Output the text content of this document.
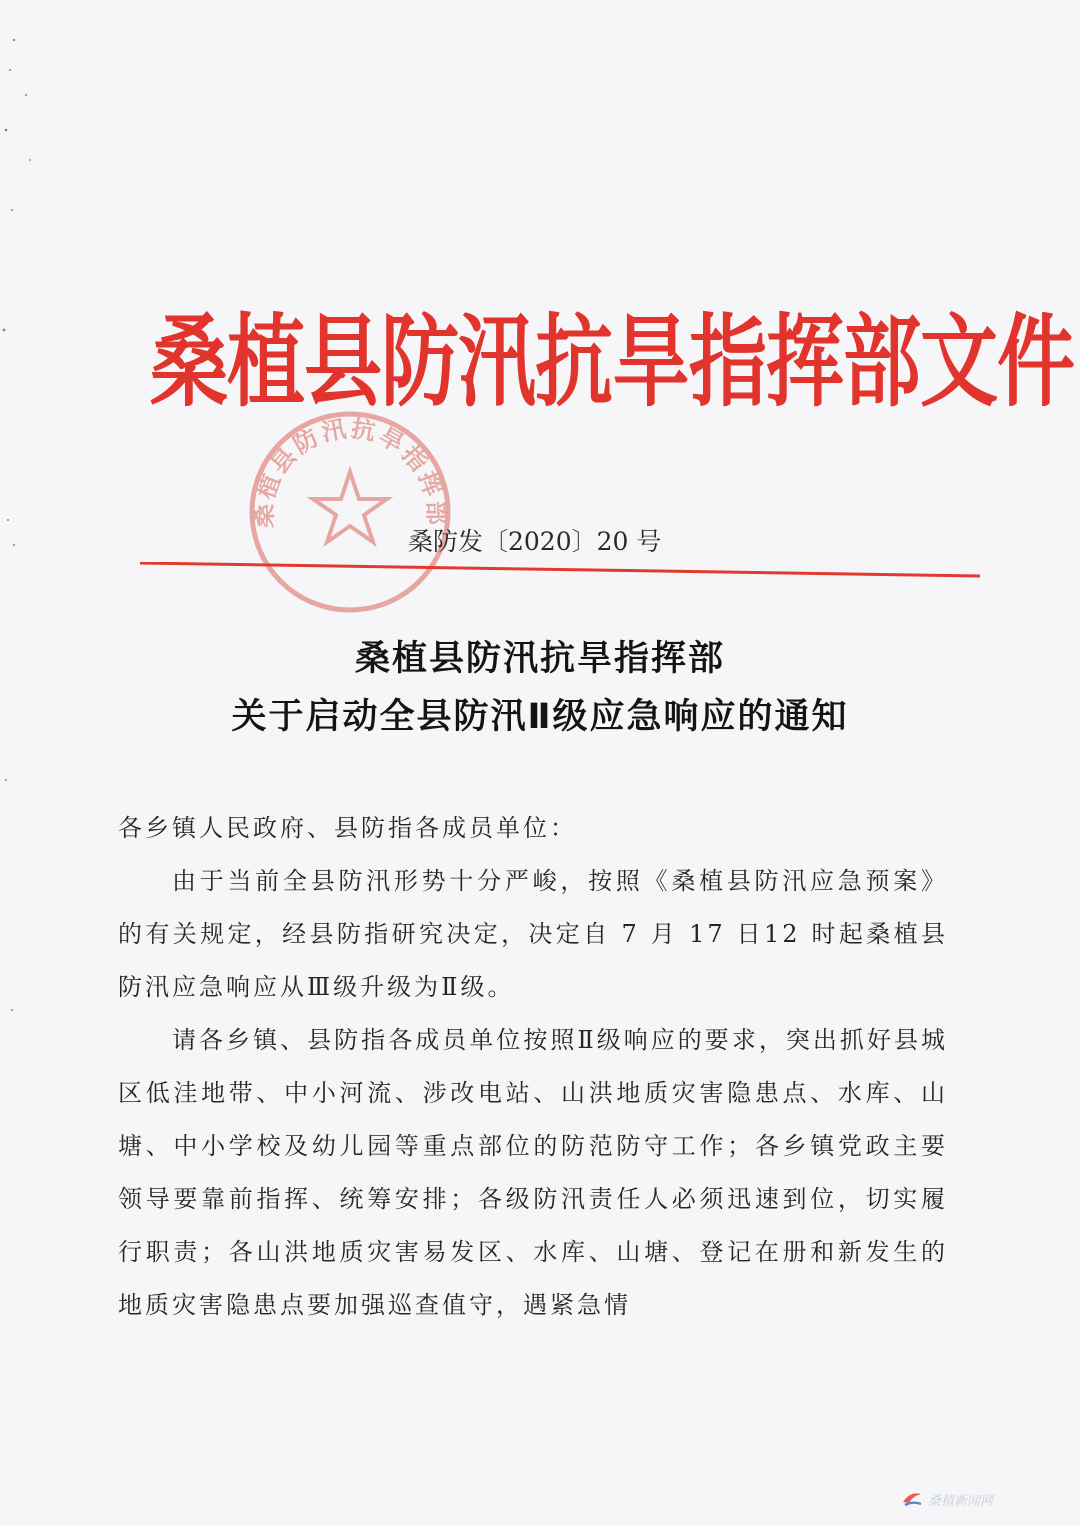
桑植县防汛抗旱指挥部文件
桑植县防汛抗旱指挥部
桑防发〔2020〕20 号
桑植县防汛抗旱指挥部
关于启动全县防汛Ⅱ级应急响应的通知

各乡镇人民政府、县防指各成员单位：

由于当前全县防汛形势十分严峻，按照《桑植县防汛应急预案》的有关规定，经县防指研究决定，决定自 7 月 17 日12 时起桑植县防汛应急响应从Ⅲ级升级为Ⅱ级。

请各乡镇、县防指各成员单位按照Ⅱ级响应的要求，突出抓好县城区低洼地带、中小河流、涉改电站、山洪地质灾害隐患点、水库、山塘、中小学校及幼儿园等重点部位的防范防守工作；各乡镇党政主要领导要靠前指挥、统筹安排；各级防汛责任人必须迅速到位，切实履行职责；各山洪地质灾害易发区、水库、山塘、登记在册和新发生的地质灾害隐患点要加强巡查值守，遇紧急情

桑植新闻网
